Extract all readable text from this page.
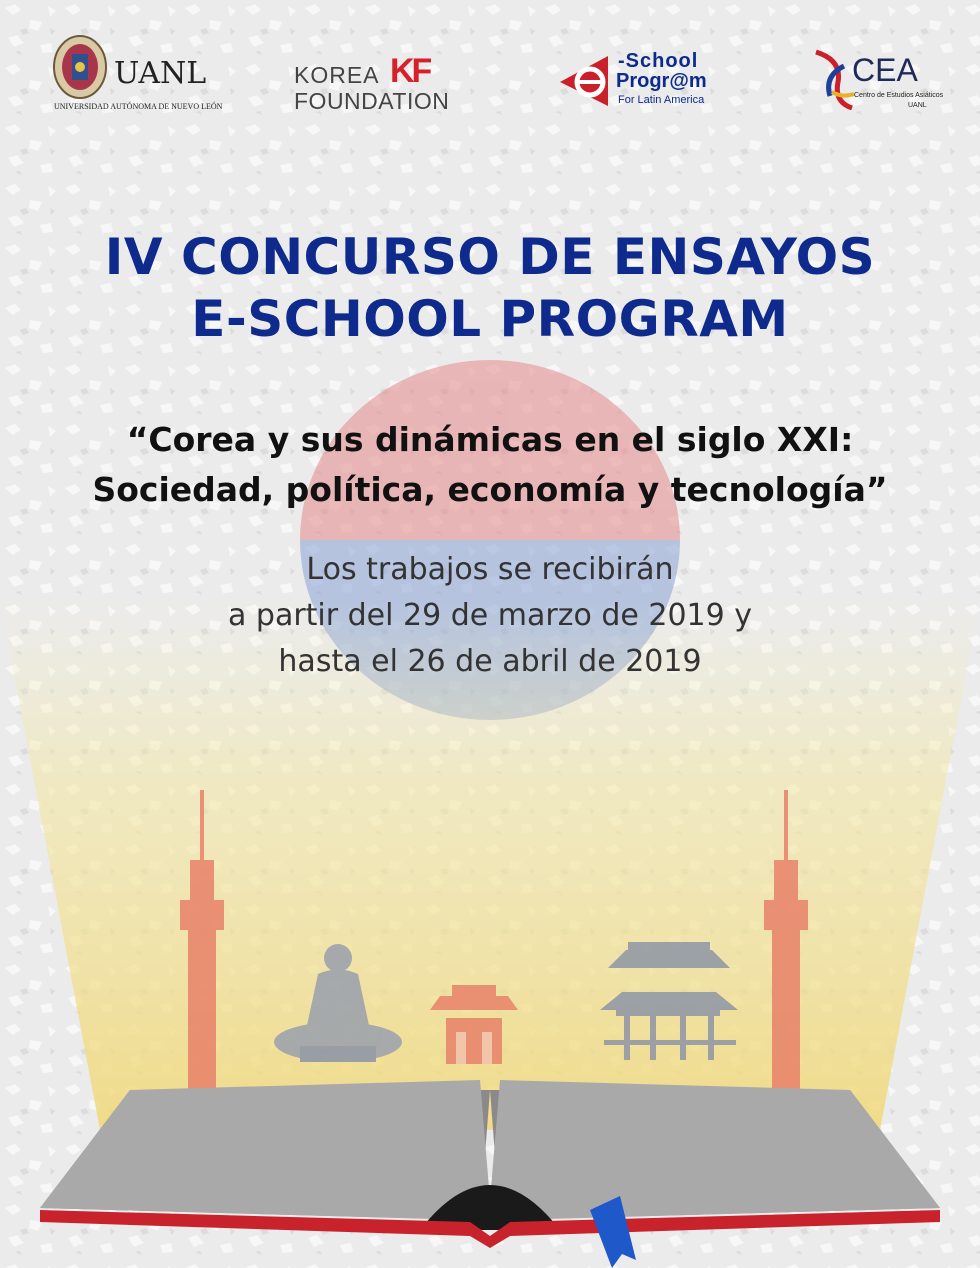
UANL
UNIVERSIDAD AUTÓNOMA DE NUEVO LEÓN
KOREA KF
FOUNDATION
-School
Progr@m
For Latin America
CEA
Centro de Estudios Asiáticos
UANL
IV CONCURSO DE ENSAYOS
E-SCHOOL PROGRAM
“Corea y sus dinámicas en el siglo XXI:
Sociedad, política, economía y tecnología”
Los trabajos se recibirán
a partir del 29 de marzo de 2019 y
hasta el 26 de abril de 2019
